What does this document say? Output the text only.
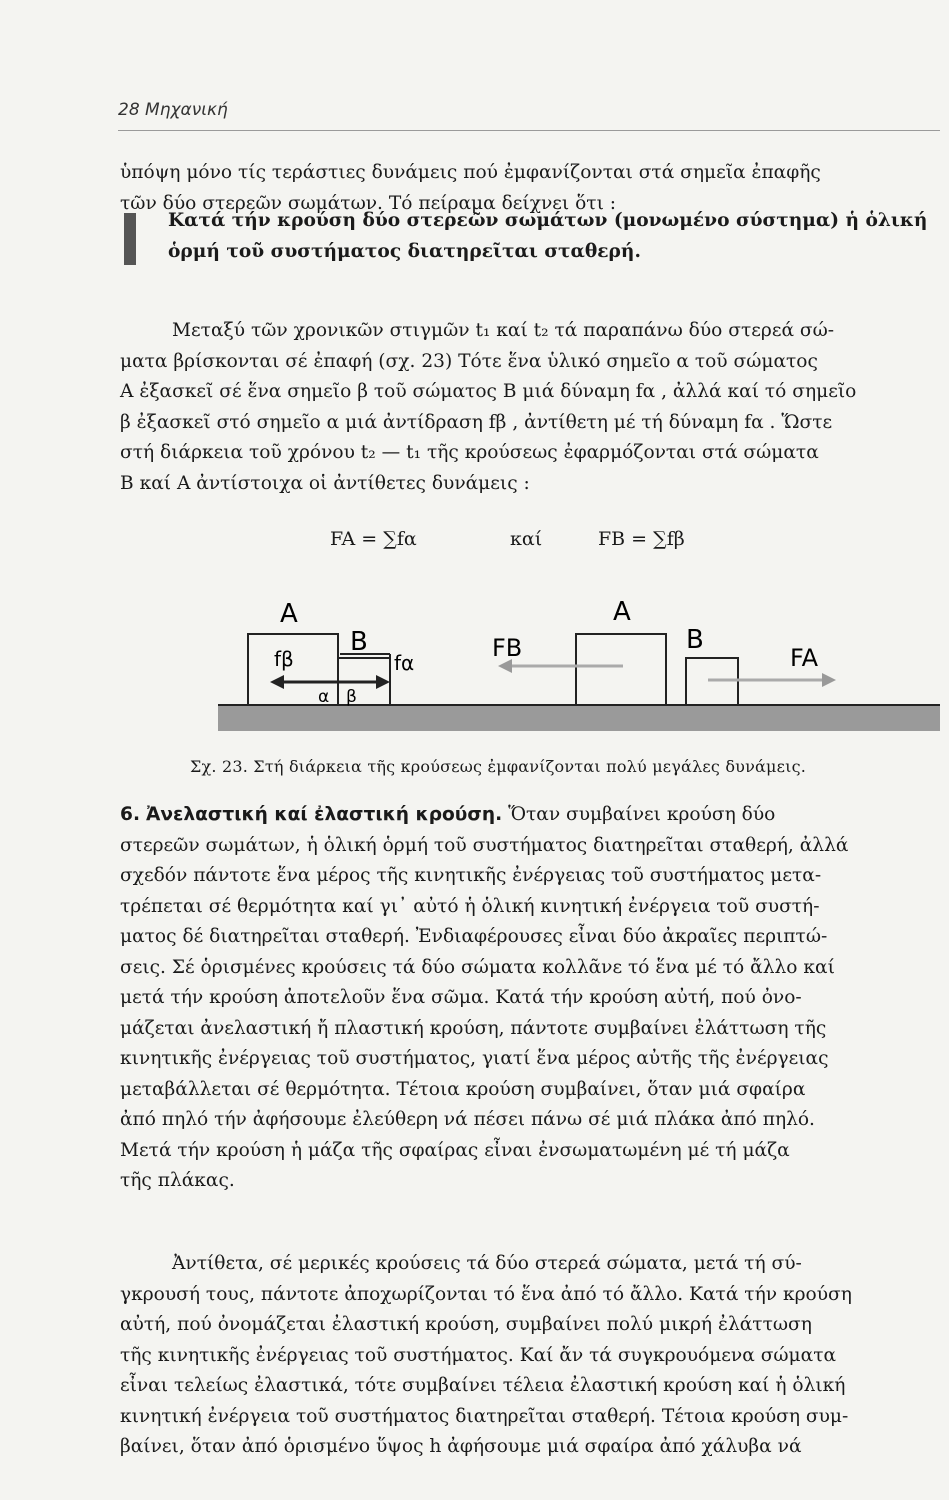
28 Μηχανική

ὑπόψη μόνο τίς τεράστιες δυνάμεις πού ἐμφανίζονται στά σημεῖα ἐπαφῆς
τῶν δύο στερεῶν σωμάτων. Τό πείραμα δείχνει ὅτι :

Κατά τήν κρούση δύο στερεῶν σωμάτων (μονωμένο σύστημα) ἡ ὁλική
ὁρμή τοῦ συστήματος διατηρεῖται σταθερή.

Μεταξύ τῶν χρονικῶν στιγμῶν t₁ καί t₂ τά παραπάνω δύο στερεά σώ-
ματα βρίσκονται σέ ἐπαφή (σχ. 23) Τότε ἕνα ὑλικό σημεῖο α τοῦ σώματος
Α ἐξασκεῖ σέ ἕνα σημεῖο β τοῦ σώματος Β μιά δύναμη fα , ἀλλά καί τό σημεῖο
β ἐξασκεῖ στό σημεῖο α μιά ἀντίδραση fβ , ἀντίθετη μέ τή δύναμη fα . Ὥστε
στή διάρκεια τοῦ χρόνου t₂ — t₁ τῆς κρούσεως ἐφαρμόζονται στά σώματα
Β καί Α ἀντίστοιχα οἱ ἀντίθετες δυνάμεις :

FA = ∑fα	καί	FB = ∑fβ
A
B
fβ	fα
α β
FB
A
B
FA
Σχ. 23. Στή διάρκεια τῆς κρούσεως ἐμφανίζονται πολύ μεγάλες δυνάμεις.

6. Ἀνελαστική καί ἐλαστική κρούση. Ὅταν συμβαίνει κρούση δύο
στερεῶν σωμάτων, ἡ ὁλική ὁρμή τοῦ συστήματος διατηρεῖται σταθερή, ἀλλά
σχεδόν πάντοτε ἕνα μέρος τῆς κινητικῆς ἐνέργειας τοῦ συστήματος μετα-
τρέπεται σέ θερμότητα καί γι᾽ αὐτό ἡ ὁλική κινητική ἐνέργεια τοῦ συστή-
ματος δέ διατηρεῖται σταθερή. Ἐνδιαφέρουσες εἶναι δύο ἀκραῖες περιπτώ-
σεις. Σέ ὁρισμένες κρούσεις τά δύο σώματα κολλᾶνε τό ἕνα μέ τό ἄλλο καί
μετά τήν κρούση ἀποτελοῦν ἕνα σῶμα. Κατά τήν κρούση αὐτή, πού ὀνο-
μάζεται ἀνελαστική ἤ πλαστική κρούση, πάντοτε συμβαίνει ἐλάττωση τῆς
κινητικῆς ἐνέργειας τοῦ συστήματος, γιατί ἕνα μέρος αὐτῆς τῆς ἐνέργειας
μεταβάλλεται σέ θερμότητα. Τέτοια κρούση συμβαίνει, ὅταν μιά σφαίρα
ἀπό πηλό τήν ἀφήσουμε ἐλεύθερη νά πέσει πάνω σέ μιά πλάκα ἀπό πηλό.
Μετά τήν κρούση ἡ μάζα τῆς σφαίρας εἶναι ἐνσωματωμένη μέ τή μάζα
τῆς πλάκας.

Ἀντίθετα, σέ μερικές κρούσεις τά δύο στερεά σώματα, μετά τή σύ-
γκρουσή τους, πάντοτε ἀποχωρίζονται τό ἕνα ἀπό τό ἄλλο. Κατά τήν κρούση
αὐτή, πού ὀνομάζεται ἐλαστική κρούση, συμβαίνει πολύ μικρή ἐλάττωση
τῆς κινητικῆς ἐνέργειας τοῦ συστήματος. Καί ἄν τά συγκρουόμενα σώματα
εἶναι τελείως ἐλαστικά, τότε συμβαίνει τέλεια ἐλαστική κρούση καί ἡ ὁλική
κινητική ἐνέργεια τοῦ συστήματος διατηρεῖται σταθερή. Τέτοια κρούση συμ-
βαίνει, ὅταν ἀπό ὁρισμένο ὕψος h ἀφήσουμε μιά σφαίρα ἀπό χάλυβα νά
